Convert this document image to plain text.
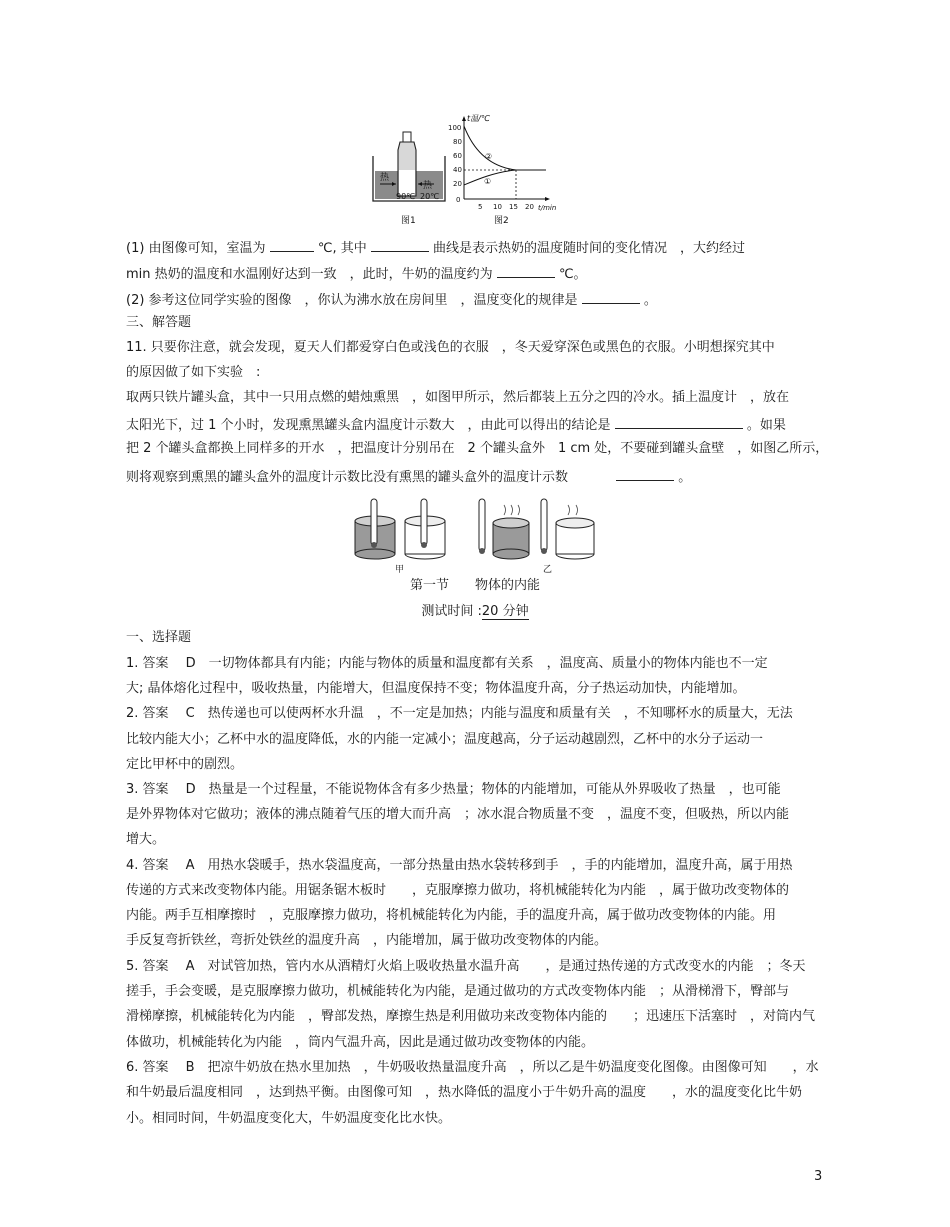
热
热
90℃ 20℃
图1
t温/℃
t/min
100
80
60
40
20
0
5 10 15 20
②
①
图2
(1) 由图像可知，室温为	℃, 其中	曲线是表示热奶的温度随时间的变化情况　，大约经过
min 热奶的温度和水温刚好达到一致　，此时，牛奶的温度约为	℃。
(2) 参考这位同学实验的图像　，你认为沸水放在房间里　，温度变化的规律是	。
三、解答题
11. 只要你注意，就会发现，夏天人们都爱穿白色或浅色的衣服　，冬天爱穿深色或黑色的衣服。小明想探究其中
的原因做了如下实验　:
取两只铁片罐头盒，其中一只用点燃的蜡烛熏黑　，如图甲所示，然后都装上五分之四的冷水。插上温度计　，放在
太阳光下，过 1 个小时，发现熏黑罐头盒内温度计示数大　，由此可以得出的结论是	。如果
把 2 个罐头盒都换上同样多的开水　，把温度计分别吊在　2 个罐头盒外　1 cm 处，不要碰到罐头盒壁　，如图乙所示，
则将观察到熏黑的罐头盒外的温度计示数比没有熏黑的罐头盒外的温度计示数	。
甲	乙
第一节　　物体的内能
测试时间 :20 分钟
一、选择题
1. 答案　 D　一切物体都具有内能；内能与物体的质量和温度都有关系　，温度高、质量小的物体内能也不一定
大; 晶体熔化过程中，吸收热量，内能增大，但温度保持不变；物体温度升高，分子热运动加快，内能增加。
2. 答案　 C　热传递也可以使两杯水升温　，不一定是加热；内能与温度和质量有关　，不知哪杯水的质量大，无法
比较内能大小；乙杯中水的温度降低，水的内能一定减小；温度越高，分子运动越剧烈，乙杯中的水分子运动一
定比甲杯中的剧烈。
3. 答案　 D　热量是一个过程量，不能说物体含有多少热量；物体的内能增加，可能从外界吸收了热量　，也可能
是外界物体对它做功；液体的沸点随着气压的增大而升高　；冰水混合物质量不变　，温度不变，但吸热，所以内能
增大。
4. 答案　 A　用热水袋暖手，热水袋温度高，一部分热量由热水袋转移到手　，手的内能增加，温度升高，属于用热
传递的方式来改变物体内能。用锯条锯木板时　　，克服摩擦力做功，将机械能转化为内能　，属于做功改变物体的
内能。两手互相摩擦时　，克服摩擦力做功，将机械能转化为内能，手的温度升高，属于做功改变物体的内能。用
手反复弯折铁丝，弯折处铁丝的温度升高　，内能增加，属于做功改变物体的内能。
5. 答案　 A　对试管加热，管内水从酒精灯火焰上吸收热量水温升高　　，是通过热传递的方式改变水的内能　；冬天
搓手，手会变暖，是克服摩擦力做功，机械能转化为内能，是通过做功的方式改变物体内能　；从滑梯滑下，臀部与
滑梯摩擦，机械能转化为内能　，臀部发热，摩擦生热是利用做功来改变物体内能的　　；迅速压下活塞时　，对筒内气
体做功，机械能转化为内能　，筒内气温升高，因此是通过做功改变物体的内能。
6. 答案　 B　把凉牛奶放在热水里加热　，牛奶吸收热量温度升高　，所以乙是牛奶温度变化图像。由图像可知　　，水
和牛奶最后温度相同　，达到热平衡。由图像可知　，热水降低的温度小于牛奶升高的温度　　，水的温度变化比牛奶
小。相同时间，牛奶温度变化大，牛奶温度变化比水快。
3
